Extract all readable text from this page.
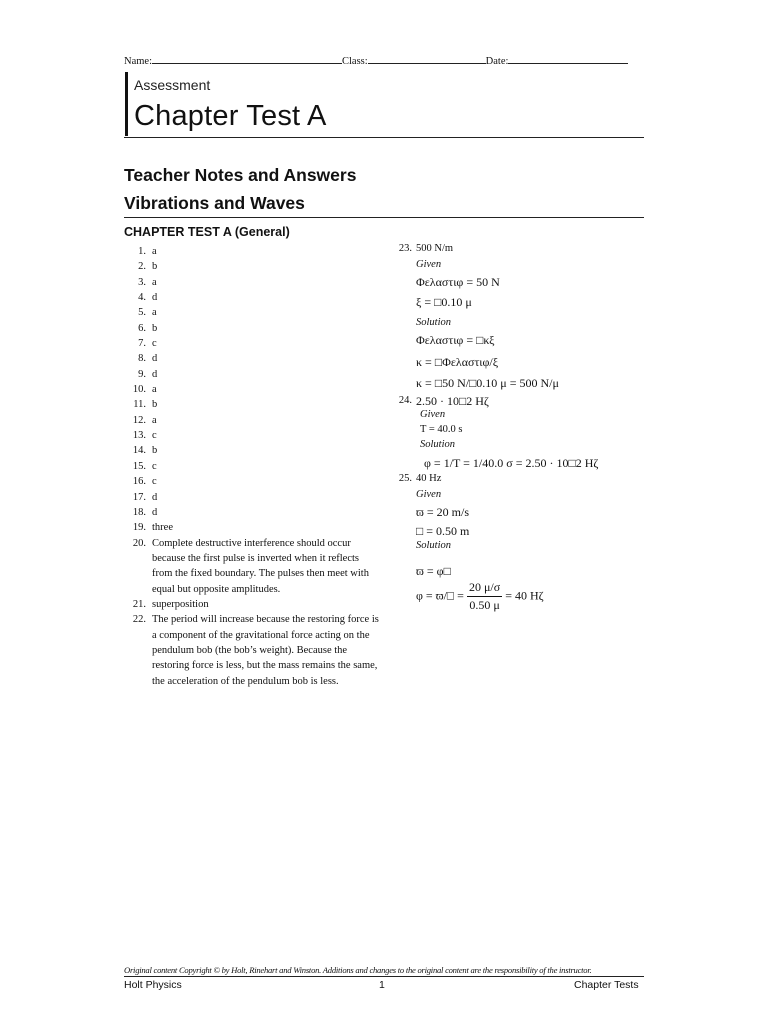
Name:	Class:	Date:
Assessment
Chapter Test A
Teacher Notes and Answers
Vibrations and Waves
CHAPTER TEST A (General)
1. a
2. b
3. a
4. d
5. a
6. b
7. c
8. d
9. d
10. a
11. b
12. a
13. c
14. b
15. c
16. c
17. d
18. d
19. three
20. Complete destructive interference should occur because the first pulse is inverted when it reflects from the fixed boundary. The pulses then meet with equal but opposite amplitudes.
21. superposition
22. The period will increase because the restoring force is a component of the gravitational force acting on the pendulum bob (the bob’s weight). Because the restoring force is less, but the mass remains the same, the acceleration of the pendulum bob is less.
23. 500 N/m
Given
Φελαστιφ = 50 N
ξ = □0.10 μ
Solution
Φελαστιφ = □κξ
κ = □Φελαστιφ/ξ
κ = □50 N/□0.10 μ = 500 N/μ
24. 2.50 · 10□2 Hζ
Given
T = 40.0 s
Solution
φ = 1/T = 1/40.0 σ = 2.50 · 10□2 Hζ
25. 40 Hz
Given
ϖ = 20 m/s
□ = 0.50 m
Solution
ϖ = φ□
φ = ϖ/□ = $\frac{20 \mu/\sigma}{0.50 \mu} = 40$ Hζ
Original content Copyright © by Holt, Rinehart and Winston. Additions and changes to the original content are the responsibility of the instructor.
Holt Physics	1	Chapter Tests
